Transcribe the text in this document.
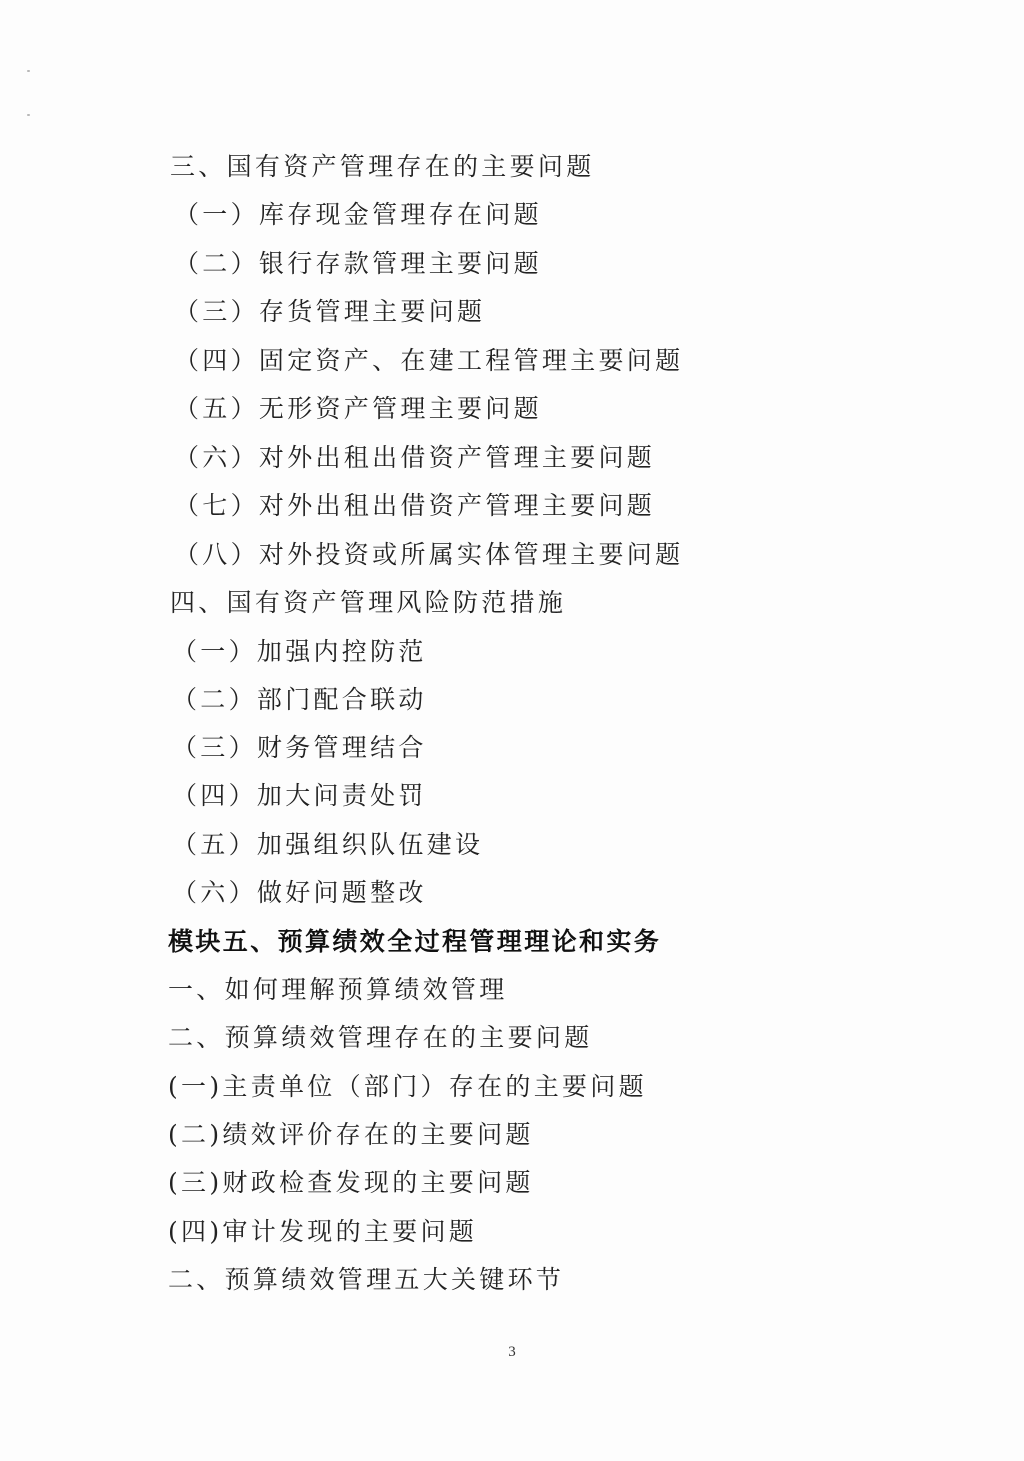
三、国有资产管理存在的主要问题
（一）库存现金管理存在问题
（二）银行存款管理主要问题
（三）存货管理主要问题
（四）固定资产、在建工程管理主要问题
（五）无形资产管理主要问题
（六）对外出租出借资产管理主要问题
（七）对外出租出借资产管理主要问题
（八）对外投资或所属实体管理主要问题
四、国有资产管理风险防范措施
（一）加强内控防范
（二）部门配合联动
（三）财务管理结合
（四）加大问责处罚
（五）加强组织队伍建设
（六）做好问题整改
模块五、预算绩效全过程管理理论和实务
一、如何理解预算绩效管理
二、预算绩效管理存在的主要问题
(一)主责单位（部门）存在的主要问题
(二)绩效评价存在的主要问题
(三)财政检查发现的主要问题
(四)审计发现的主要问题
二、预算绩效管理五大关键环节
3
